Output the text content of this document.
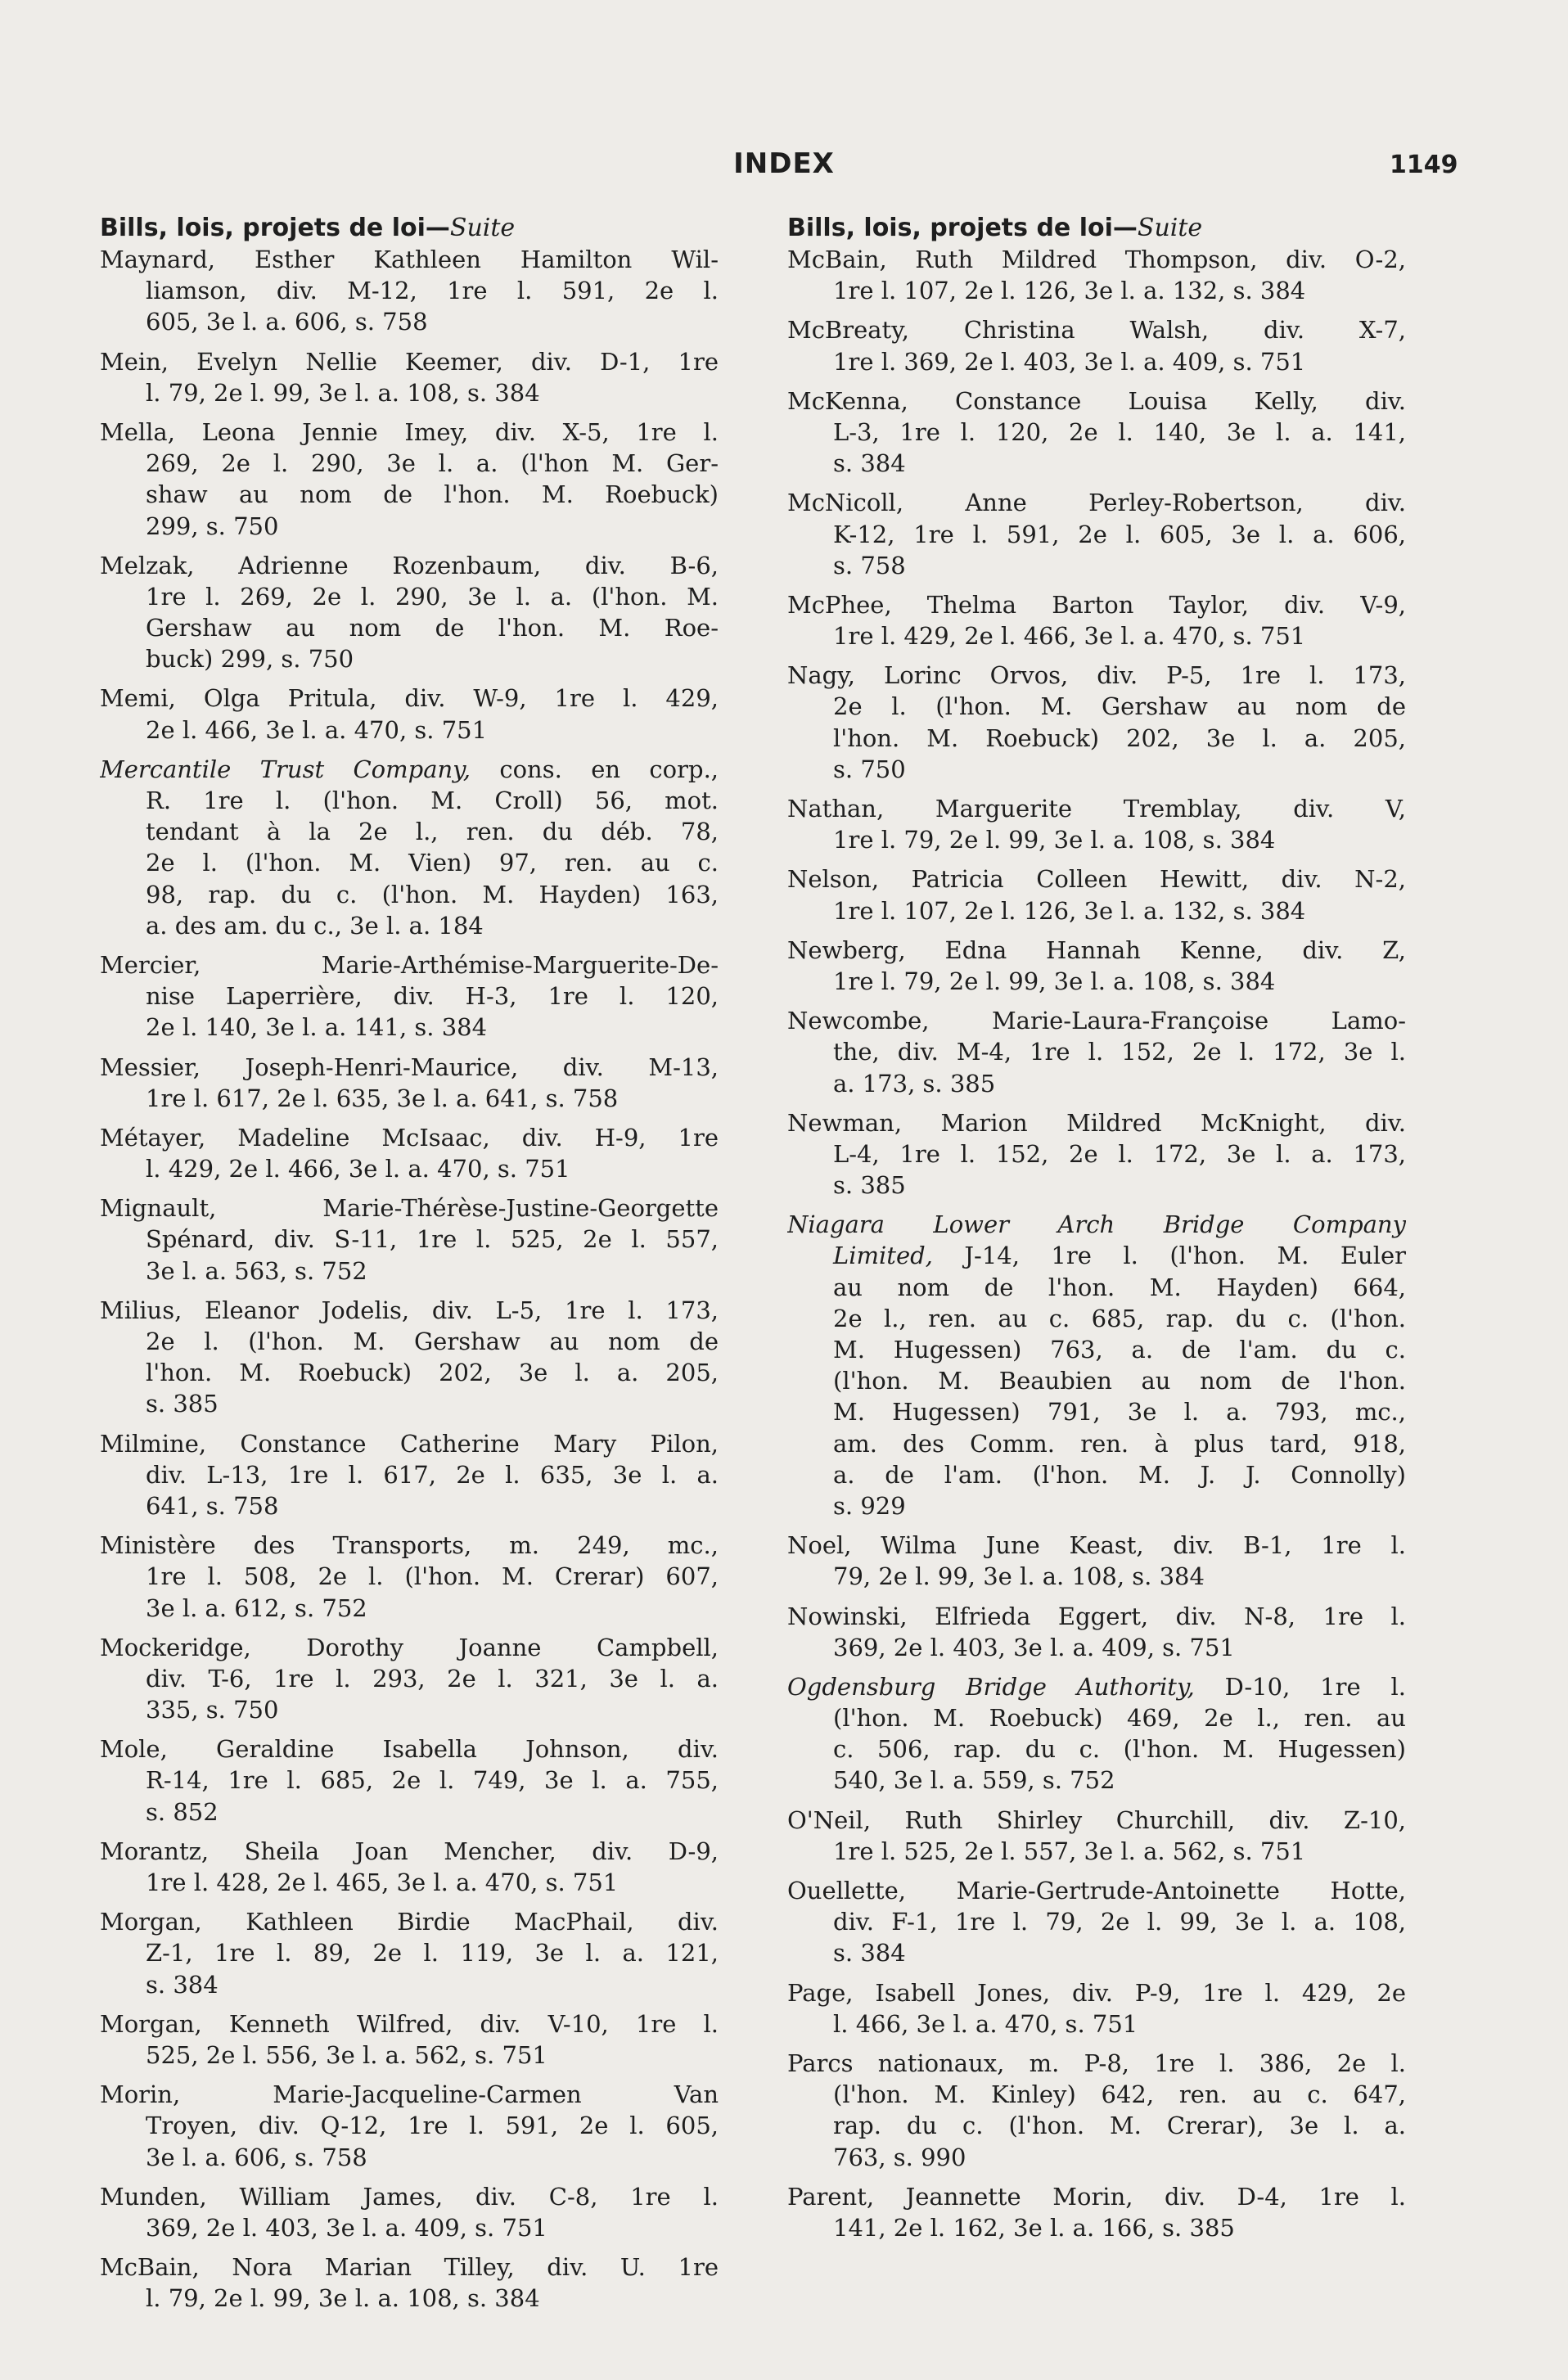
INDEX	1149
Bills, lois, projets de loi—Suite
Maynard, Esther Kathleen Hamilton Wil-
liamson, div. M-12, 1re l. 591, 2e l.
605, 3e l. a. 606, s. 758
Mein, Evelyn Nellie Keemer, div. D-1, 1re
l. 79, 2e l. 99, 3e l. a. 108, s. 384
Mella, Leona Jennie Imey, div. X-5, 1re l.
269, 2e l. 290, 3e l. a. (l'hon M. Ger-
shaw au nom de l'hon. M. Roebuck)
299, s. 750
Melzak, Adrienne Rozenbaum, div. B-6,
1re l. 269, 2e l. 290, 3e l. a. (l'hon. M.
Gershaw au nom de l'hon. M. Roe-
buck) 299, s. 750
Memi, Olga Pritula, div. W-9, 1re l. 429,
2e l. 466, 3e l. a. 470, s. 751
Mercantile Trust Company, cons. en corp.,
R. 1re l. (l'hon. M. Croll) 56, mot.
tendant à la 2e l., ren. du déb. 78,
2e l. (l'hon. M. Vien) 97, ren. au c.
98, rap. du c. (l'hon. M. Hayden) 163,
a. des am. du c., 3e l. a. 184
Mercier, Marie-Arthémise-Marguerite-De-
nise Laperrière, div. H-3, 1re l. 120,
2e l. 140, 3e l. a. 141, s. 384
Messier, Joseph-Henri-Maurice, div. M-13,
1re l. 617, 2e l. 635, 3e l. a. 641, s. 758
Métayer, Madeline McIsaac, div. H-9, 1re
l. 429, 2e l. 466, 3e l. a. 470, s. 751
Mignault, Marie-Thérèse-Justine-Georgette
Spénard, div. S-11, 1re l. 525, 2e l. 557,
3e l. a. 563, s. 752
Milius, Eleanor Jodelis, div. L-5, 1re l. 173,
2e l. (l'hon. M. Gershaw au nom de
l'hon. M. Roebuck) 202, 3e l. a. 205,
s. 385
Milmine, Constance Catherine Mary Pilon,
div. L-13, 1re l. 617, 2e l. 635, 3e l. a.
641, s. 758
Ministère des Transports, m. 249, mc.,
1re l. 508, 2e l. (l'hon. M. Crerar) 607,
3e l. a. 612, s. 752
Mockeridge, Dorothy Joanne Campbell,
div. T-6, 1re l. 293, 2e l. 321, 3e l. a.
335, s. 750
Mole, Geraldine Isabella Johnson, div.
R-14, 1re l. 685, 2e l. 749, 3e l. a. 755,
s. 852
Morantz, Sheila Joan Mencher, div. D-9,
1re l. 428, 2e l. 465, 3e l. a. 470, s. 751
Morgan, Kathleen Birdie MacPhail, div.
Z-1, 1re l. 89, 2e l. 119, 3e l. a. 121,
s. 384
Morgan, Kenneth Wilfred, div. V-10, 1re l.
525, 2e l. 556, 3e l. a. 562, s. 751
Morin, Marie-Jacqueline-Carmen Van
Troyen, div. Q-12, 1re l. 591, 2e l. 605,
3e l. a. 606, s. 758
Munden, William James, div. C-8, 1re l.
369, 2e l. 403, 3e l. a. 409, s. 751
McBain, Nora Marian Tilley, div. U. 1re
l. 79, 2e l. 99, 3e l. a. 108, s. 384
Bills, lois, projets de loi—Suite
McBain, Ruth Mildred Thompson, div. O-2,
1re l. 107, 2e l. 126, 3e l. a. 132, s. 384
McBreaty, Christina Walsh, div. X-7,
1re l. 369, 2e l. 403, 3e l. a. 409, s. 751
McKenna, Constance Louisa Kelly, div.
L-3, 1re l. 120, 2e l. 140, 3e l. a. 141,
s. 384
McNicoll, Anne Perley-Robertson, div.
K-12, 1re l. 591, 2e l. 605, 3e l. a. 606,
s. 758
McPhee, Thelma Barton Taylor, div. V-9,
1re l. 429, 2e l. 466, 3e l. a. 470, s. 751
Nagy, Lorinc Orvos, div. P-5, 1re l. 173,
2e l. (l'hon. M. Gershaw au nom de
l'hon. M. Roebuck) 202, 3e l. a. 205,
s. 750
Nathan, Marguerite Tremblay, div. V,
1re l. 79, 2e l. 99, 3e l. a. 108, s. 384
Nelson, Patricia Colleen Hewitt, div. N-2,
1re l. 107, 2e l. 126, 3e l. a. 132, s. 384
Newberg, Edna Hannah Kenne, div. Z,
1re l. 79, 2e l. 99, 3e l. a. 108, s. 384
Newcombe, Marie-Laura-Françoise Lamo-
the, div. M-4, 1re l. 152, 2e l. 172, 3e l.
a. 173, s. 385
Newman, Marion Mildred McKnight, div.
L-4, 1re l. 152, 2e l. 172, 3e l. a. 173,
s. 385
Niagara Lower Arch Bridge Company
Limited, J-14, 1re l. (l'hon. M. Euler
au nom de l'hon. M. Hayden) 664,
2e l., ren. au c. 685, rap. du c. (l'hon.
M. Hugessen) 763, a. de l'am. du c.
(l'hon. M. Beaubien au nom de l'hon.
M. Hugessen) 791, 3e l. a. 793, mc.,
am. des Comm. ren. à plus tard, 918,
a. de l'am. (l'hon. M. J. J. Connolly)
s. 929
Noel, Wilma June Keast, div. B-1, 1re l.
79, 2e l. 99, 3e l. a. 108, s. 384
Nowinski, Elfrieda Eggert, div. N-8, 1re l.
369, 2e l. 403, 3e l. a. 409, s. 751
Ogdensburg Bridge Authority, D-10, 1re l.
(l'hon. M. Roebuck) 469, 2e l., ren. au
c. 506, rap. du c. (l'hon. M. Hugessen)
540, 3e l. a. 559, s. 752
O'Neil, Ruth Shirley Churchill, div. Z-10,
1re l. 525, 2e l. 557, 3e l. a. 562, s. 751
Ouellette, Marie-Gertrude-Antoinette Hotte,
div. F-1, 1re l. 79, 2e l. 99, 3e l. a. 108,
s. 384
Page, Isabell Jones, div. P-9, 1re l. 429, 2e
l. 466, 3e l. a. 470, s. 751
Parcs nationaux, m. P-8, 1re l. 386, 2e l.
(l'hon. M. Kinley) 642, ren. au c. 647,
rap. du c. (l'hon. M. Crerar), 3e l. a.
763, s. 990
Parent, Jeannette Morin, div. D-4, 1re l.
141, 2e l. 162, 3e l. a. 166, s. 385
